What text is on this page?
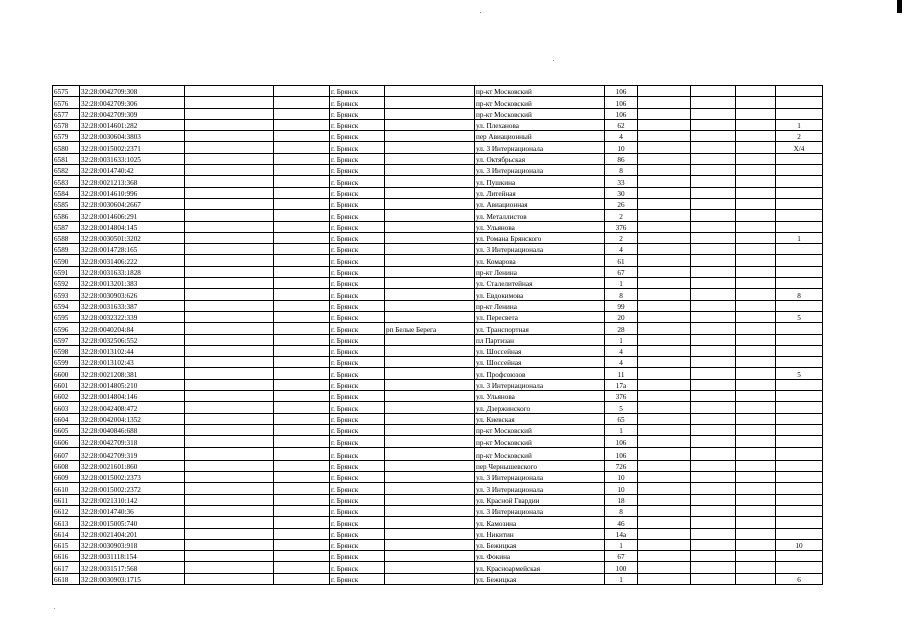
6575	32:28:0042709:308			г. Брянск		пр-кт Московский	106				
6576	32:28:0042709:306			г. Брянск		пр-кт Московский	106				
6577	32:28:0042709:309			г. Брянск		пр-кт Московский	106				
6578	32:28:0014601:282			г. Брянск		ул. Плеханова	62				1
6579	32:28:0030604:3803			г. Брянск		пер Авиационный	4				2
6580	32:28:0015002:2371			г. Брянск		ул. 3 Интернационала	10				Х/4
6581	32:28:0031633:1025			г. Брянск		ул. Октябрьская	86				
6582	32:28:0014740:42			г. Брянск		ул. 3 Интернационала	8				
6583	32:28:0021213:368			г. Брянск		ул. Пушкина	33				
6584	32:28:0014610:996			г. Брянск		ул. Литейная	30				
6585	32:28:0030604:2667			г. Брянск		ул. Авиационная	26				
6586	32:28:0014606:291			г. Брянск		ул. Металлистов	2				
6587	32:28:0014804:145			г. Брянск		ул. Ульянова	376				
6588	32:28:0030501:3202			г. Брянск		ул. Романа Брянского	2				1
6589	32:28:0014728:165			г. Брянск		ул. 3 Интернационала	4				
6590	32:28:0031406:222			г. Брянск		ул. Комарова	61				
6591	32:28:0031633:1828			г. Брянск		пр-кт Ленина	67				
6592	32:28:0013201:383			г. Брянск		ул. Сталелитейная	1				
6593	32:28:0030903:626			г. Брянск		ул. Евдокимова	8				8
6594	32:28:0031633:387			г. Брянск		пр-кт Ленина	99				
6595	32:28:0032322:339			г. Брянск		ул. Пересвета	20				5
6596	32:28:0040204:84			г. Брянск	рп Белые Берега	ул. Транспортная	28				
6597	32:28:0032506:552			г. Брянск		пл Партизан	1				
6598	32:28:0013102:44			г. Брянск		ул. Шоссейная	4				
6599	32:28:0013102:43			г. Брянск		ул. Шоссейная	4				
6600	32:28:0021208:381			г. Брянск		ул. Профсоюзов	11				5
6601	32:28:0014805:210			г. Брянск		ул. 3 Интернационала	17а				
6602	32:28:0014804:146			г. Брянск		ул. Ульянова	376				
6603	32:28:0042408:472			г. Брянск		ул. Дзержинского	5				
6604	32:28:0042004:1352			г. Брянск		ул. Киевская	65				
6605	32:28:0040846:688			г. Брянск		пр-кт Московский	1				
6606	32:28:0042709:318			г. Брянск		пр-кт Московский	106				
6607	32:28:0042709:319			г. Брянск		пр-кт Московский	106				
6608	32:28:0021601:860			г. Брянск		пер Чернышевского	726				
6609	32:28:0015002:2373			г. Брянск		ул. 3 Интернационала	10				
6610	32:28:0015002:2372			г. Брянск		ул. 3 Интернационала	10				
6611	32:28:0021310:142			г. Брянск		ул. Красной Гвардии	18				
6612	32:28:0014740:36			г. Брянск		ул. 3 Интернационала	8				
6613	32:28:0015005:740			г. Брянск		ул. Камозина	46				
6614	32:28:0021404:201			г. Брянск		ул. Никитин	14а				
6615	32:28:0030903:918			г. Брянск		ул. Бежицкая	1				10
6616	32:28:0031118:154			г. Брянск		ул. Фокина	67				
6617	32:28:0031517:568			г. Брянск		ул. Красноармейская	100				
6618	32:28:0030903:1715			г. Брянск		ул. Бежицкая	1				6
